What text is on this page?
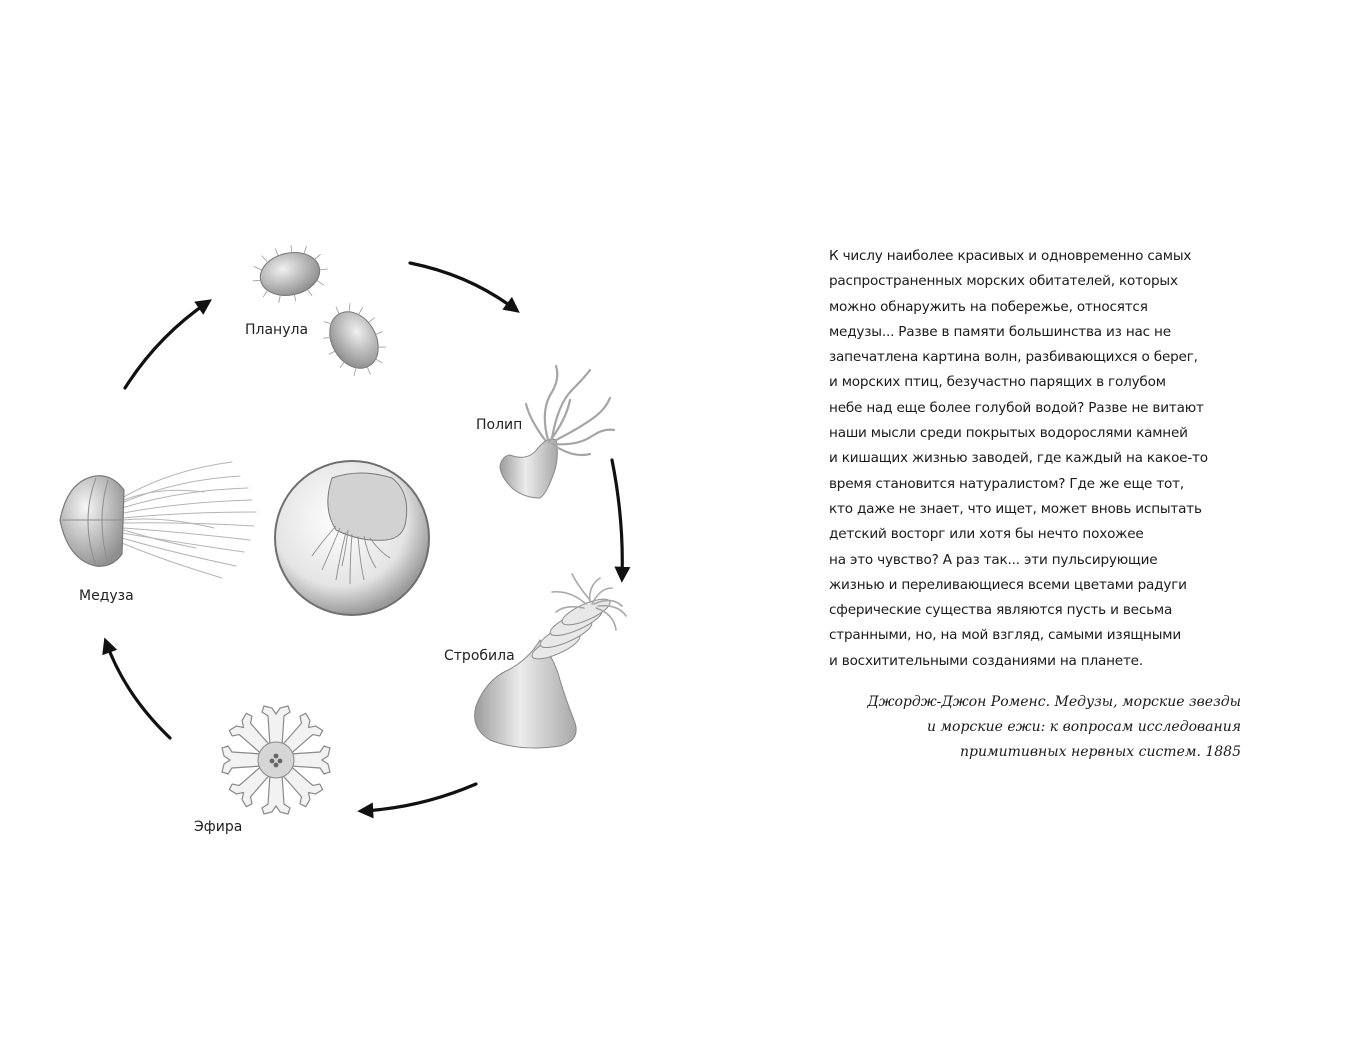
Планула
Полип
Стробила
Эфира
Медуза
К числу наиболее красивых и одновременно самых
распространенных морских обитателей, которых
можно обнаружить на побережье, относятся
медузы... Разве в памяти большинства из нас не
запечатлена картина волн, разбивающихся о берег,
и морских птиц, безучастно парящих в голубом
небе над еще более голубой водой? Разве не витают
наши мысли среди покрытых водорослями камней
и кишащих жизнью заводей, где каждый на какое-то
время становится натуралистом? Где же еще тот,
кто даже не знает, что ищет, может вновь испытать
детский восторг или хотя бы нечто похожее
на это чувство? А раз так... эти пульсирующие
жизнью и переливающиеся всеми цветами радуги
сферические существа являются пусть и весьма
странными, но, на мой взгляд, самыми изящными
и восхитительными созданиями на планете.
Джордж-Джон Роменс. Медузы, морские звезды
и морские ежи: к вопросам исследования
примитивных нервных систем. 1885
